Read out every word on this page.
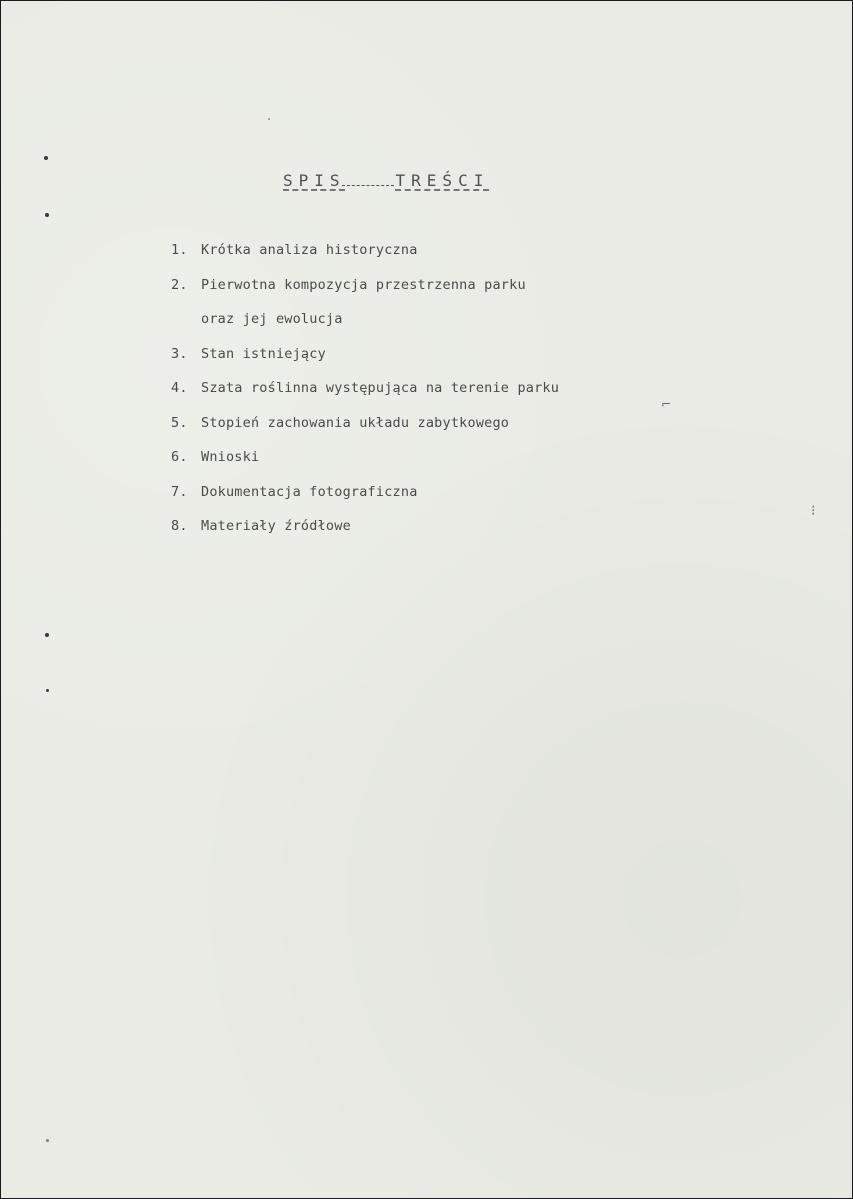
SPIS	TREŚCI
1. Krótka analiza historyczna
2. Pierwotna kompozycja przestrzenna parku
oraz jej ewolucja
3. Stan istniejący
4. Szata roślinna występująca na terenie parku
5. Stopień zachowania układu zabytkowego
6. Wnioski
7. Dokumentacja fotograficzna
8. Materiały źródłowe
⌐
⁝
